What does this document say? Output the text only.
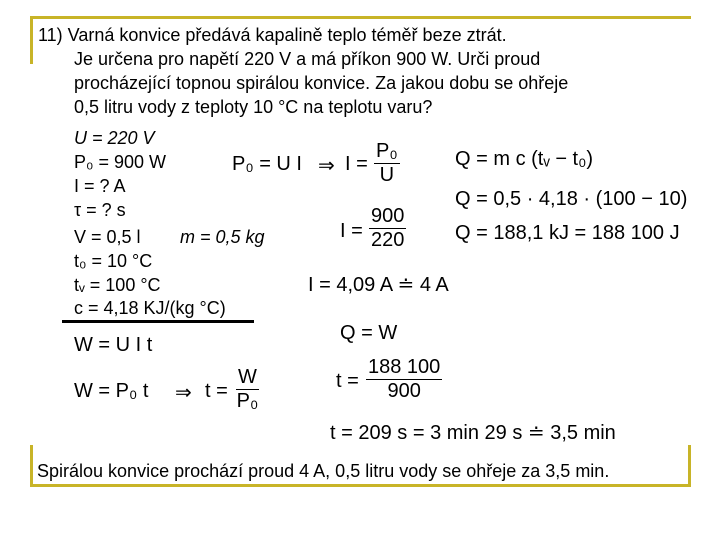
11) Varná konvice předává kapalině teplo téměř beze ztrát.
Je určena pro napětí 220 V a má příkon 900 W. Urči proud
procházející topnou spirálou konvice. Za jakou dobu se ohřeje
0,5 litru vody z teploty 10 °C na teplotu varu?
U = 220 V
P₀ = 900 W
I = ? A
τ = ? s
V = 0,5 l m = 0,5 kg
t₀ = 10 °C
tᵥ = 100 °C
c = 4,18 KJ/(kg °C)
P₀ = U I ⇒ $I = \frac{\text{P₀}}{U}$
$I = \frac{900}{220}$
I = 4,09 A ≐ 4 A
Q = m c (tᵥ − t₀)
Q = 0,5 · 4,18 · (100 − 10)
Q = 188,1 kJ = 188 100 J
W = U I t
W = P₀ t ⇒ $t = \frac{W}{\text{P₀}}$
Q = W
$t = \frac{188 100}{900}$
t = 209 s = 3 min 29 s ≐ 3,5 min
Spirálou konvice prochází proud 4 A, 0,5 litru vody se ohřeje za 3,5 min.
